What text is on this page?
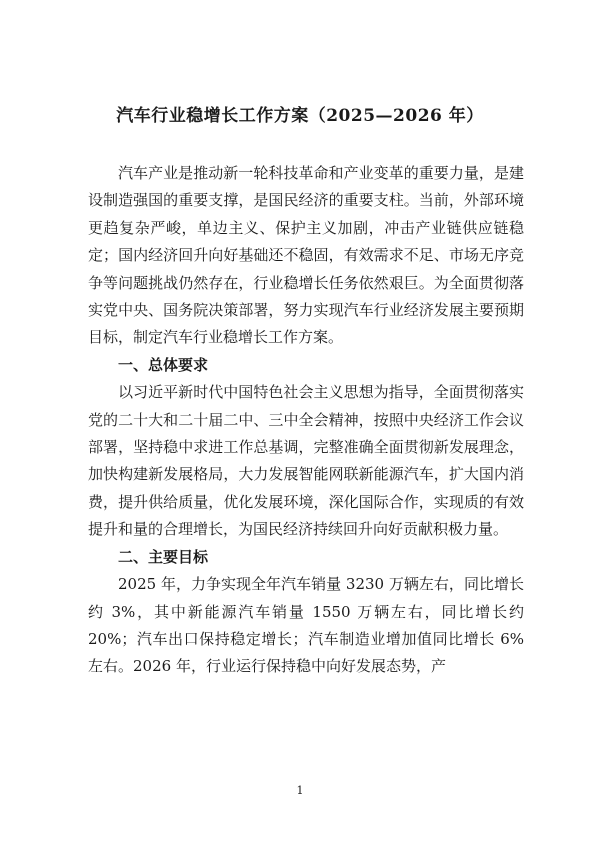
汽车行业稳增长工作方案（2025—2026 年）

汽车产业是推动新一轮科技革命和产业变革的重要力量，是建设制造强国的重要支撑，是国民经济的重要支柱。当前，外部环境更趋复杂严峻，单边主义、保护主义加剧，冲击产业链供应链稳定；国内经济回升向好基础还不稳固，有效需求不足、市场无序竞争等问题挑战仍然存在，行业稳增长任务依然艰巨。为全面贯彻落实党中央、国务院决策部署，努力实现汽车行业经济发展主要预期目标，制定汽车行业稳增长工作方案。

一、总体要求

以习近平新时代中国特色社会主义思想为指导，全面贯彻落实党的二十大和二十届二中、三中全会精神，按照中央经济工作会议部署，坚持稳中求进工作总基调，完整准确全面贯彻新发展理念，加快构建新发展格局，大力发展智能网联新能源汽车，扩大国内消费，提升供给质量，优化发展环境，深化国际合作，实现质的有效提升和量的合理增长，为国民经济持续回升向好贡献积极力量。

二、主要目标

2025 年，力争实现全年汽车销量 3230 万辆左右，同比增长约 3%，其中新能源汽车销量 1550 万辆左右，同比增长约 20%；汽车出口保持稳定增长；汽车制造业增加值同比增长 6%左右。2026 年，行业运行保持稳中向好发展态势，产

1
